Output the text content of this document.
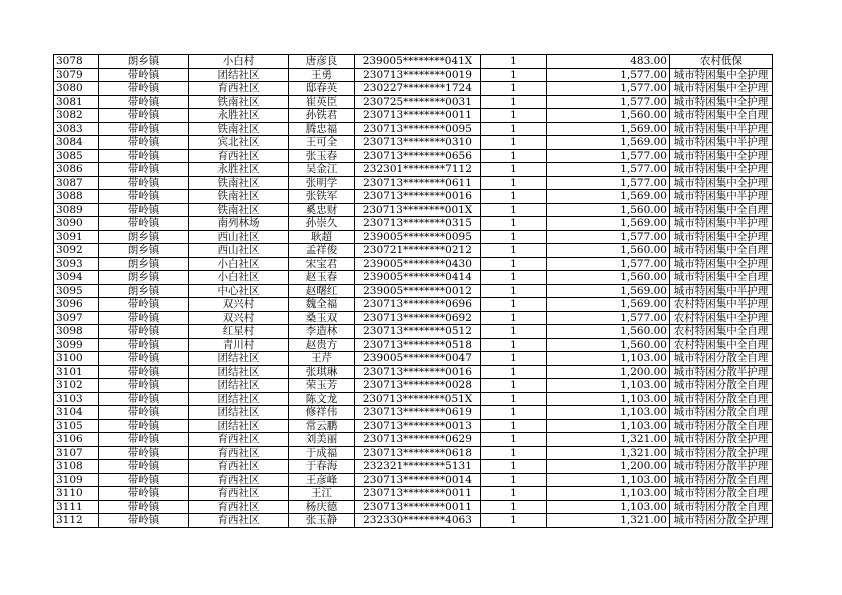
3078	朗乡镇	小白村	唐彦良	239005********041X	1	483.00	农村低保
3079	带岭镇	团结社区	王勇	230713********0019	1	1,577.00	城市特困集中全护理
3080	带岭镇	育西社区	邸春英	230227********1724	1	1,577.00	城市特困集中全护理
3081	带岭镇	铁南社区	崔英臣	230725********0031	1	1,577.00	城市特困集中全护理
3082	带岭镇	永胜社区	孙铁君	230713********0011	1	1,560.00	城市特困集中全自理
3083	带岭镇	铁南社区	腾忠福	230713********0095	1	1,569.00	城市特困集中半护理
3084	带岭镇	宾北社区	王可全	230713********0310	1	1,569.00	城市特困集中半护理
3085	带岭镇	育西社区	张玉春	230713********0656	1	1,577.00	城市特困集中全护理
3086	带岭镇	永胜社区	吴金江	232301********7112	1	1,577.00	城市特困集中全护理
3087	带岭镇	铁南社区	张明学	230713********0611	1	1,577.00	城市特困集中全护理
3088	带岭镇	铁南社区	张铁军	230713********0016	1	1,569.00	城市特困集中半护理
3089	带岭镇	铁南社区	奚忠财	230713********001X	1	1,560.00	城市特困集中全自理
3090	带岭镇	南列林场	孙崇久	230713********0315	1	1,569.00	城市特困集中半护理
3091	朗乡镇	西山社区	耿超	239005********0095	1	1,577.00	城市特困集中全护理
3092	朗乡镇	西山社区	孟祥俊	230721********0212	1	1,560.00	城市特困集中全自理
3093	朗乡镇	小白社区	宋宝君	239005********0430	1	1,577.00	城市特困集中全护理
3094	朗乡镇	小白社区	赵玉春	239005********0414	1	1,560.00	城市特困集中全自理
3095	朗乡镇	中心社区	赵曙红	239005********0012	1	1,569.00	城市特困集中半护理
3096	带岭镇	双兴村	魏全福	230713********0696	1	1,569.00	农村特困集中半护理
3097	带岭镇	双兴村	桑玉双	230713********0692	1	1,577.00	农村特困集中全护理
3098	带岭镇	红星村	李造林	230713********0512	1	1,560.00	农村特困集中全自理
3099	带岭镇	青川村	赵贵方	230713********0518	1	1,560.00	农村特困集中全自理
3100	带岭镇	团结社区	王芹	239005********0047	1	1,103.00	城市特困分散全自理
3101	带岭镇	团结社区	张琪琳	230713********0016	1	1,200.00	城市特困分散半护理
3102	带岭镇	团结社区	荣玉芳	230713********0028	1	1,103.00	城市特困分散全自理
3103	带岭镇	团结社区	陈文龙	230713********051X	1	1,103.00	城市特困分散全自理
3104	带岭镇	团结社区	修祥伟	230713********0619	1	1,103.00	城市特困分散全自理
3105	带岭镇	团结社区	常云鹏	230713********0013	1	1,103.00	城市特困分散全自理
3106	带岭镇	育西社区	刘美丽	230713********0629	1	1,321.00	城市特困分散全护理
3107	带岭镇	育西社区	于成福	230713********0618	1	1,321.00	城市特困分散全护理
3108	带岭镇	育西社区	于春海	232321********5131	1	1,200.00	城市特困分散半护理
3109	带岭镇	育西社区	王彦峰	230713********0014	1	1,103.00	城市特困分散全自理
3110	带岭镇	育西社区	王江	230713********0011	1	1,103.00	城市特困分散全自理
3111	带岭镇	育西社区	杨庆德	230713********0011	1	1,103.00	城市特困分散全自理
3112	带岭镇	育西社区	张玉静	232330********4063	1	1,321.00	城市特困分散全护理
